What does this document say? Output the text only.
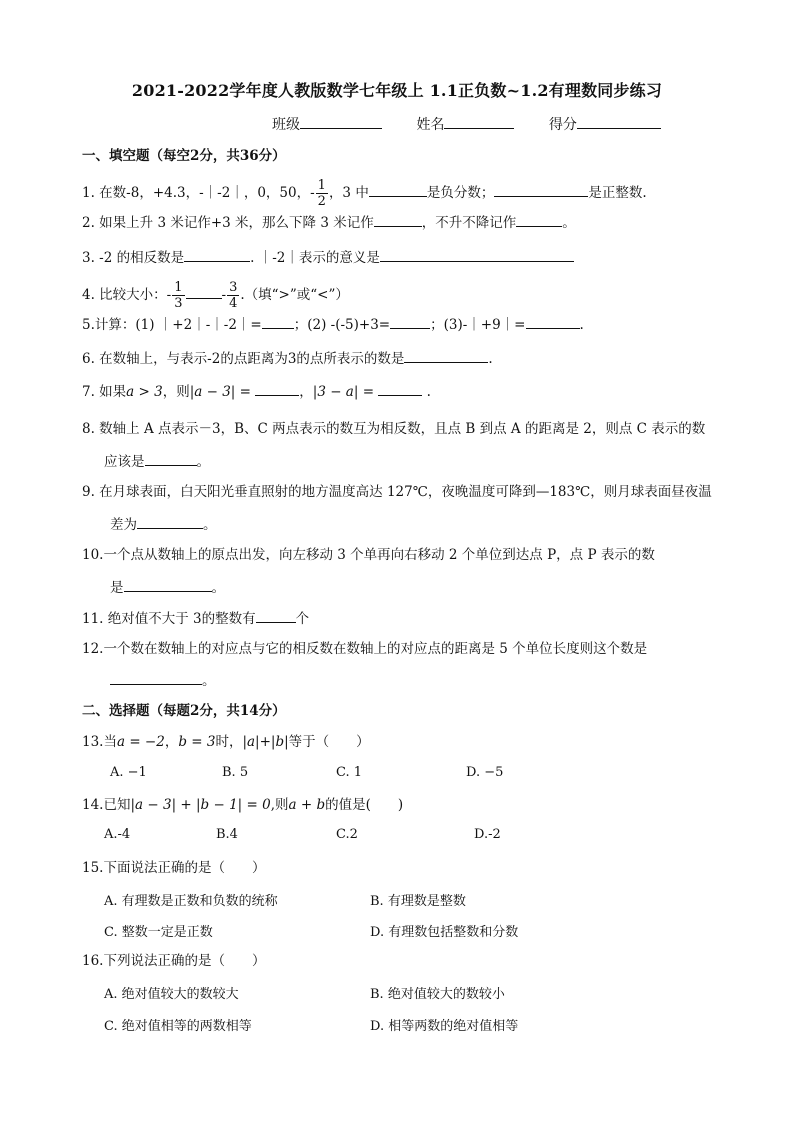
2021-2022学年度人教版数学七年级上 1.1正负数~1.2有理数同步练习
班级	姓名	得分
一、填空题（每空2分，共36分）
1. 在数-8，+4.3，-｜-2｜，0，50，- $\frac{1}{2}$ ，3 中	是负分数；	是正整数.
2. 如果上升 3 米记作+3 米，那么下降 3 米记作	，不升不降记作	。
3. -2 的相反数是	. ｜-2｜表示的意义是
4. 比较大小：- $\frac{1}{3}$	- $\frac{3}{4}$ .（填“>”或“<”）
5.计算：(1) ｜+2｜-｜-2｜= ；(2) -(-5)+3=	；(3)-｜+9｜=	.
6. 在数轴上，与表示-2的点距离为3的点所表示的数是	.
7. 如果a > 3，则|a − 3| =	，|3 − a| =	.
8. 数轴上 A 点表示－3，B、C 两点表示的数互为相反数，且点 B 到点 A 的距离是 2，则点 C 表示的数
应该是	。
9. 在月球表面，白天阳光垂直照射的地方温度高达 127℃，夜晚温度可降到—183℃，则月球表面昼夜温
差为	。
10.一个点从数轴上的原点出发，向左移动 3 个单再向右移动 2 个单位到达点 P，点 P 表示的数
是	。
11. 绝对值不大于 3的整数有	个
12.一个数在数轴上的对应点与它的相反数在数轴上的对应点的距离是 5 个单位长度则这个数是
。
二、选择题（每题2分，共14分）
13.当a = −2，b = 3时，|a|+|b|等于（　　）
A. −1	B. 5	C. 1	D. −5
14.已知|a − 3| + |b − 1| = 0,则a + b的值是(　　)
A.-4	B.4	C.2	D.-2
15.下面说法正确的是（　　）
A. 有理数是正数和负数的统称	B. 有理数是整数
C. 整数一定是正数	D. 有理数包括整数和分数
16.下列说法正确的是（　　）
A. 绝对值较大的数较大	B. 绝对值较大的数较小
C. 绝对值相等的两数相等	D. 相等两数的绝对值相等
